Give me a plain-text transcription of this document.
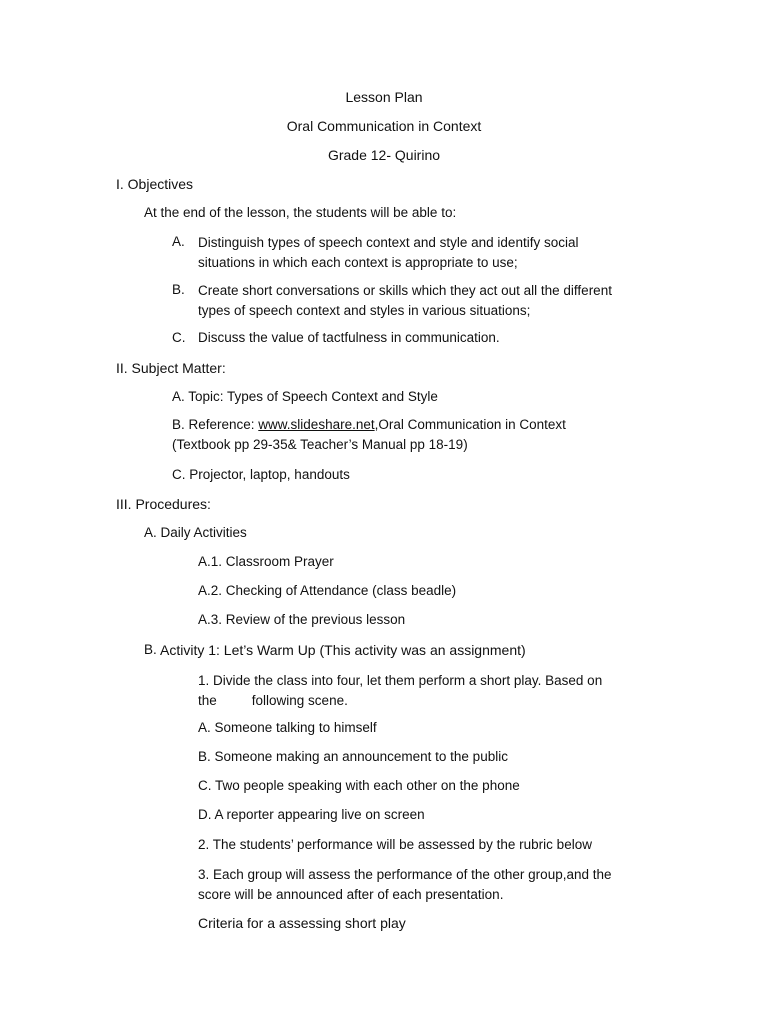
Lesson Plan
Oral Communication in Context
Grade 12- Quirino
I. Objectives
At the end of the lesson, the students will be able to:
A. Distinguish types of speech context and style and identify social
situations in which each context is appropriate to use;
B. Create short conversations or skills which they act out all the different
types of speech context and styles in various situations;
C. Discuss the value of tactfulness in communication.
II. Subject Matter:
A. Topic: Types of Speech Context and Style
B. Reference: www.slideshare.net,Oral Communication in Context
(Textbook pp 29-35& Teacher’s Manual pp 18-19)
C. Projector, laptop, handouts
III. Procedures:
A. Daily Activities
A.1. Classroom Prayer
A.2. Checking of Attendance (class beadle)
A.3. Review of the previous lesson
B. Activity 1: Let’s Warm Up (This activity was an assignment)
1. Divide the class into four, let them perform a short play. Based on
the	following scene.
A. Someone talking to himself
B. Someone making an announcement to the public
C. Two people speaking with each other on the phone
D. A reporter appearing live on screen
2. The students’ performance will be assessed by the rubric below
3. Each group will assess the performance of the other group,and the
score will be announced after of each presentation.
Criteria for a assessing short play
